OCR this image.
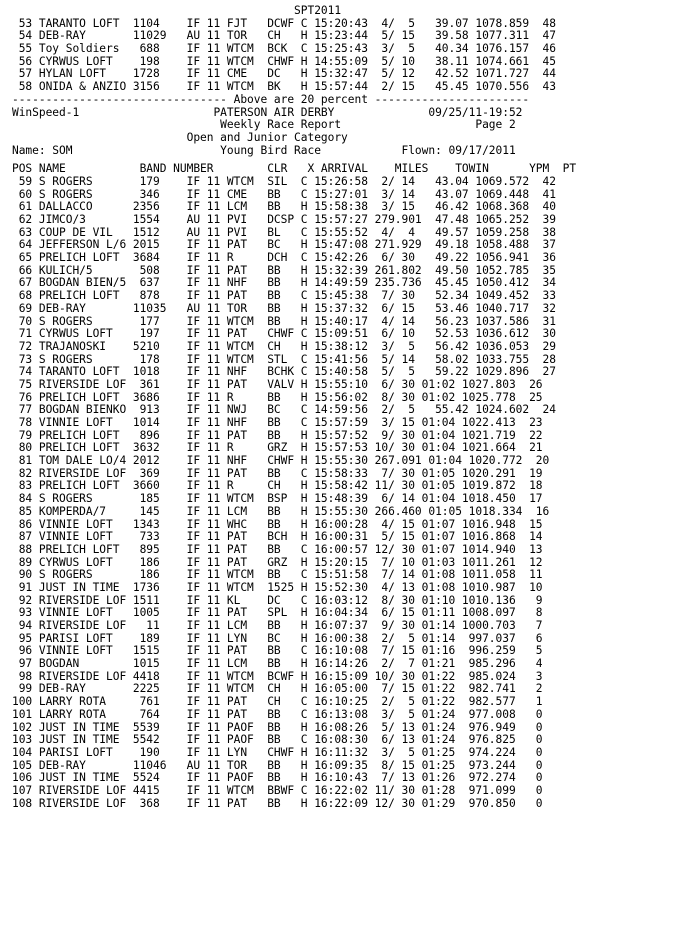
SPT2011
53 TARANTO LOFT  1104    IF 11 FJT   DCWF C 15:20:43  4/  5   39.07 1078.859  48
54 DEB-RAY       11029   AU 11 TOR   CH   H 15:23:44  5/ 15   39.58 1077.311  47
55 Toy Soldiers   688    IF 11 WTCM  BCK  C 15:25:43  3/  5   40.34 1076.157  46
56 CYRWUS LOFT    198    IF 11 WTCM  CHWF H 14:55:09  5/ 10   38.11 1074.661  45
57 HYLAN LOFT    1728    IF 11 CME   DC   H 15:32:47  5/ 12   42.52 1071.727  44
58 ONIDA & ANZIO 3156    IF 11 WTCM  BK   H 15:57:44  2/ 15   45.45 1070.556  43
-------------------------------- Above are 20 percent -----------------------
WinSpeed-1                    PATERSON AIR DERBY              09/25/11-19:52
Weekly Race Report                    Page 2
Open and Junior Category
Name: SOM                      Young Bird Race            Flown: 09/17/2011
POS NAME           BAND NUMBER        CLR   X ARRIVAL    MILES    TOWIN      YPM  PT
59 S ROGERS       179    IF 11 WTCM  SIL  C 15:26:58  2/ 14   43.04 1069.572  42
60 S ROGERS       346    IF 11 CME   BB   C 15:27:01  3/ 14   43.07 1069.448  41
61 DALLACCO      2356    IF 11 LCM   BB   H 15:58:38  3/ 15   46.42 1068.368  40
62 JIMCO/3       1554    AU 11 PVI   DCSP C 15:57:27 279.901  47.48 1065.252  39
63 COUP DE VIL   1512    AU 11 PVI   BL   C 15:55:52  4/  4   49.57 1059.258  38
64 JEFFERSON L/6 2015    IF 11 PAT   BC   H 15:47:08 271.929  49.18 1058.488  37
65 PRELICH LOFT  3684    IF 11 R     DCH  C 15:42:26  6/ 30   49.22 1056.941  36
66 KULICH/5       508    IF 11 PAT   BB   H 15:32:39 261.802  49.50 1052.785  35
67 BOGDAN BIEN/5  637    IF 11 NHF   BB   H 14:49:59 235.736  45.45 1050.412  34
68 PRELICH LOFT   878    IF 11 PAT   BB   C 15:45:38  7/ 30   52.34 1049.452  33
69 DEB-RAY       11035   AU 11 TOR   BB   H 15:37:32  6/ 15   53.46 1040.717  32
70 S ROGERS       177    IF 11 WTCM  BB   H 15:40:17  4/ 14   56.23 1037.586  31
71 CYRWUS LOFT    197    IF 11 PAT   CHWF C 15:09:51  6/ 10   52.53 1036.612  30
72 TRAJANOSKI    5210    IF 11 WTCM  CH   H 15:38:12  3/  5   56.42 1036.053  29
73 S ROGERS       178    IF 11 WTCM  STL  C 15:41:56  5/ 14   58.02 1033.755  28
74 TARANTO LOFT  1018    IF 11 NHF   BCHK C 15:40:58  5/  5   59.22 1029.896  27
75 RIVERSIDE LOF  361    IF 11 PAT   VALV H 15:55:10  6/ 30 01:02 1027.803  26
76 PRELICH LOFT  3686    IF 11 R     BB   H 15:56:02  8/ 30 01:02 1025.778  25
77 BOGDAN BIENKO  913    IF 11 NWJ   BC   C 14:59:56  2/  5   55.42 1024.602  24
78 VINNIE LOFT   1014    IF 11 NHF   BB   C 15:57:59  3/ 15 01:04 1022.413  23
79 PRELICH LOFT   896    IF 11 PAT   BB   H 15:57:52  9/ 30 01:04 1021.719  22
80 PRELICH LOFT  3632    IF 11 R     GRZ  H 15:57:53 10/ 30 01:04 1021.664  21
81 TOM DALE LO/4 2012    IF 11 NHF   CHWF H 15:55:30 267.091 01:04 1020.772  20
82 RIVERSIDE LOF  369    IF 11 PAT   BB   C 15:58:33  7/ 30 01:05 1020.291  19
83 PRELICH LOFT  3660    IF 11 R     CH   H 15:58:42 11/ 30 01:05 1019.872  18
84 S ROGERS       185    IF 11 WTCM  BSP  H 15:48:39  6/ 14 01:04 1018.450  17
85 KOMPERDA/7     145    IF 11 LCM   BB   H 15:55:30 266.460 01:05 1018.334  16
86 VINNIE LOFT   1343    IF 11 WHC   BB   H 16:00:28  4/ 15 01:07 1016.948  15
87 VINNIE LOFT    733    IF 11 PAT   BCH  H 16:00:31  5/ 15 01:07 1016.868  14
88 PRELICH LOFT   895    IF 11 PAT   BB   C 16:00:57 12/ 30 01:07 1014.940  13
89 CYRWUS LOFT    186    IF 11 PAT   GRZ  H 15:20:15  7/ 10 01:03 1011.261  12
90 S ROGERS       186    IF 11 WTCM  BB   C 15:51:58  7/ 14 01:08 1011.058  11
91 JUST IN TIME  1736    IF 11 WTCM  1525 H 15:52:30  4/ 13 01:08 1010.987  10
92 RIVERSIDE LOF 1511    IF 11 KL    DC   C 16:03:12  8/ 30 01:10 1010.136   9
93 VINNIE LOFT   1005    IF 11 PAT   SPL  H 16:04:34  6/ 15 01:11 1008.097   8
94 RIVERSIDE LOF   11    IF 11 LCM   BB   H 16:07:37  9/ 30 01:14 1000.703   7
95 PARISI LOFT    189    IF 11 LYN   BC   H 16:00:38  2/  5 01:14  997.037   6
96 VINNIE LOFT   1515    IF 11 PAT   BB   C 16:10:08  7/ 15 01:16  996.259   5
97 BOGDAN        1015    IF 11 LCM   BB   H 16:14:26  2/  7 01:21  985.296   4
98 RIVERSIDE LOF 4418    IF 11 WTCM  BCWF H 16:15:09 10/ 30 01:22  985.024   3
99 DEB-RAY       2225    IF 11 WTCM  CH   H 16:05:00  7/ 15 01:22  982.741   2
100 LARRY ROTA     761    IF 11 PAT   CH   C 16:10:25  2/  5 01:22  982.577   1
101 LARRY ROTA     764    IF 11 PAT   BB   C 16:13:08  3/  5 01:24  977.008   0
102 JUST IN TIME  5539    IF 11 PAOF  BB   H 16:08:26  5/ 13 01:24  976.949   0
103 JUST IN TIME  5542    IF 11 PAOF  BB   C 16:08:30  6/ 13 01:24  976.825   0
104 PARISI LOFT    190    IF 11 LYN   CHWF H 16:11:32  3/  5 01:25  974.224   0
105 DEB-RAY       11046   AU 11 TOR   BB   H 16:09:35  8/ 15 01:25  973.244   0
106 JUST IN TIME  5524    IF 11 PAOF  BB   H 16:10:43  7/ 13 01:26  972.274   0
107 RIVERSIDE LOF 4415    IF 11 WTCM  BBWF C 16:22:02 11/ 30 01:28  971.099   0
108 RIVERSIDE LOF  368    IF 11 PAT   BB   H 16:22:09 12/ 30 01:29  970.850   0
